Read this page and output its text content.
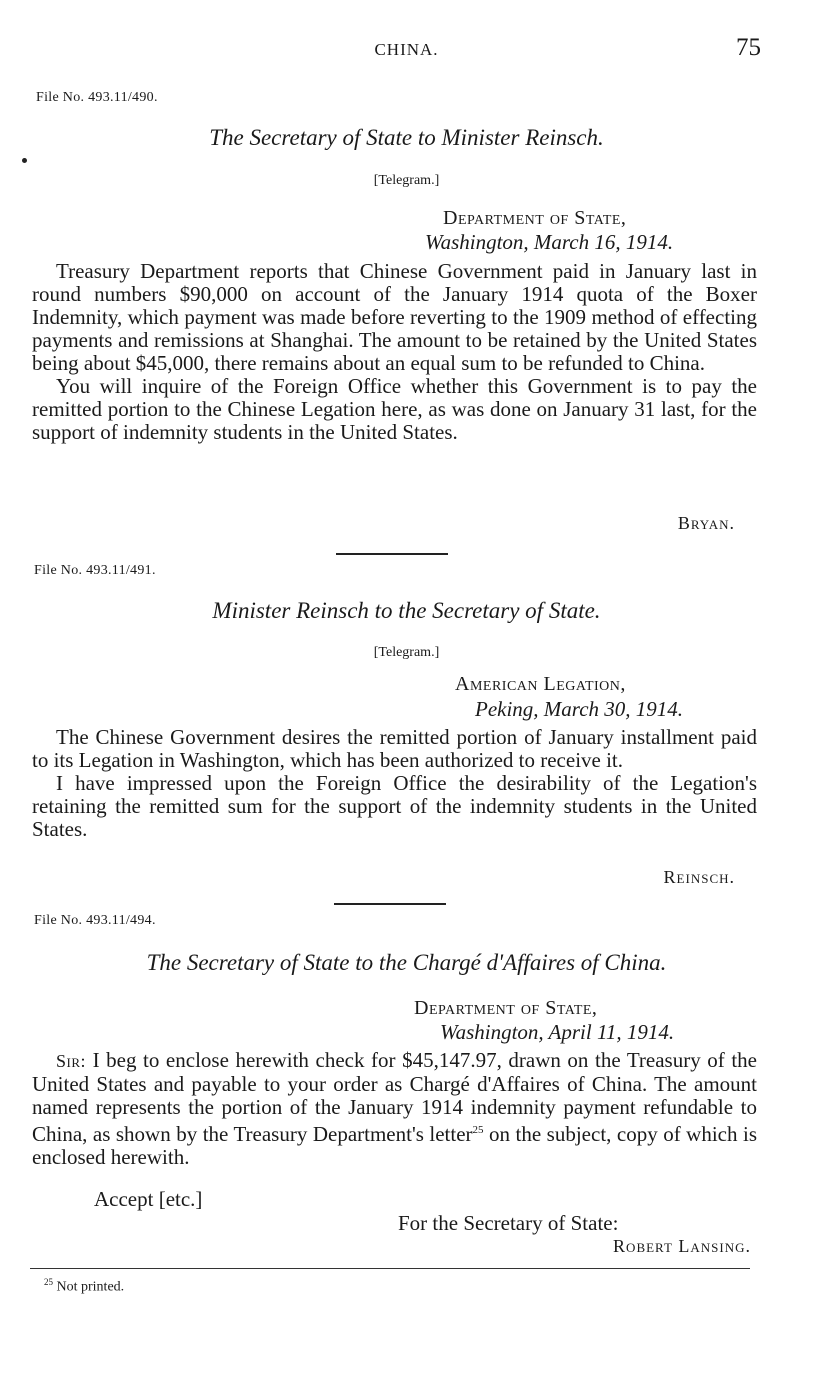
CHINA.	75
File No. 493.11/490.
The Secretary of State to Minister Reinsch.
[Telegram.]
Department of State,
Washington, March 16, 1914.

Treasury Department reports that Chinese Government paid in January last in round numbers $90,000 on account of the January 1914 quota of the Boxer Indemnity, which payment was made before reverting to the 1909 method of effecting payments and remissions at Shanghai. The amount to be retained by the United States being about $45,000, there remains about an equal sum to be refunded to China.

You will inquire of the Foreign Office whether this Government is to pay the remitted portion to the Chinese Legation here, as was done on January 31 last, for the support of indemnity students in the United States.

Bryan.
File No. 493.11/491.
Minister Reinsch to the Secretary of State.
[Telegram.]
American Legation,
Peking, March 30, 1914.

The Chinese Government desires the remitted portion of January installment paid to its Legation in Washington, which has been authorized to receive it.

I have impressed upon the Foreign Office the desirability of the Legation's retaining the remitted sum for the support of the indemnity students in the United States.

Reinsch.
File No. 493.11/494.
The Secretary of State to the Chargé d'Affaires of China.
Department of State,
Washington, April 11, 1914.

Sir: I beg to enclose herewith check for $45,147.97, drawn on the Treasury of the United States and payable to your order as Chargé d'Affaires of China. The amount named represents the portion of the January 1914 indemnity payment refundable to China, as shown by the Treasury Department's letter$^{25}$ on the subject, copy of which is enclosed herewith.

Accept [etc.]
For the Secretary of State:
Robert Lansing.
$^{25}$ Not printed.
